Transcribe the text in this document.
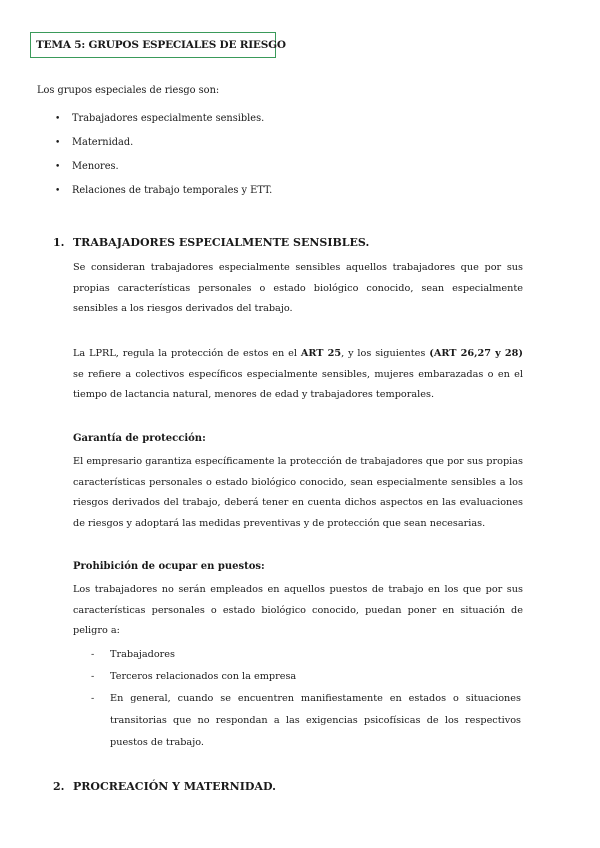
TEMA 5: GRUPOS ESPECIALES DE RIESGO
Los grupos especiales de riesgo son:
• Trabajadores especialmente sensibles.
• Maternidad.
• Menores.
• Relaciones de trabajo temporales y ETT.
1. TRABAJADORES ESPECIALMENTE SENSIBLES.

Se consideran trabajadores especialmente sensibles aquellos trabajadores que por sus propias características personales o estado biológico conocido, sean especialmente sensibles a los riesgos derivados del trabajo.

La LPRL, regula la protección de estos en el ART 25, y los siguientes (ART 26,27 y 28) se refiere a colectivos específicos especialmente sensibles, mujeres embarazadas o en el tiempo de lactancia natural, menores de edad y trabajadores temporales.

Garantía de protección:

El empresario garantiza específicamente la protección de trabajadores que por sus propias características personales o estado biológico conocido, sean especialmente sensibles a los riesgos derivados del trabajo, deberá tener en cuenta dichos aspectos en las evaluaciones de riesgos y adoptará las medidas preventivas y de protección que sean necesarias.

Prohibición de ocupar en puestos:

Los trabajadores no serán empleados en aquellos puestos de trabajo en los que por sus características personales o estado biológico conocido, puedan poner en situación de peligro a:

- Trabajadores
- Terceros relacionados con la empresa
- En general, cuando se encuentren manifiestamente en estados o situaciones transitorias que no respondan a las exigencias psicofísicas de los respectivos puestos de trabajo.
2. PROCREACIÓN Y MATERNIDAD.
